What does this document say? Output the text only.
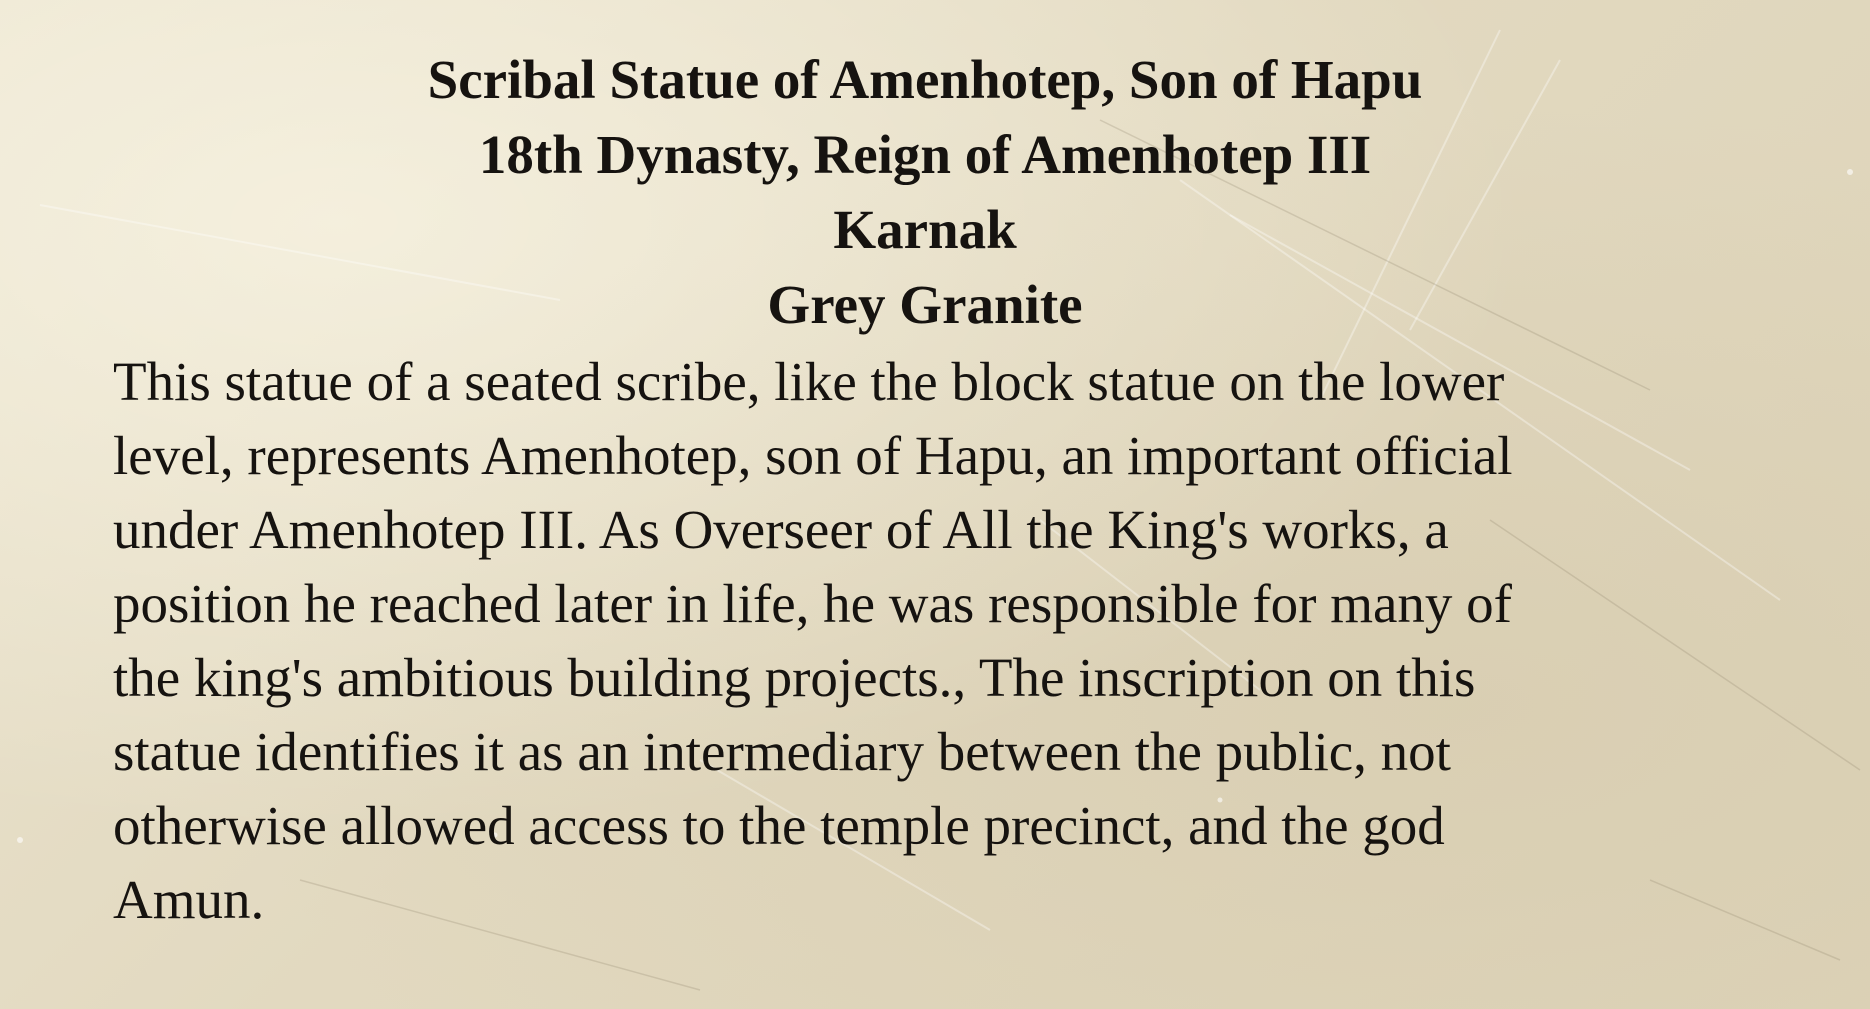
Scribal Statue of Amenhotep, Son of Hapu
18th Dynasty, Reign of Amenhotep III
Karnak
Grey Granite
This statue of a seated scribe, like the block statue on the lower
level, represents Amenhotep, son of Hapu, an important official
under Amenhotep III. As Overseer of All the King's works, a
position he reached later in life, he was responsible for many of
the king's ambitious building projects., The inscription on this
statue identifies it as an intermediary between the public, not
otherwise allowed access to the temple precinct, and the god
Amun.
